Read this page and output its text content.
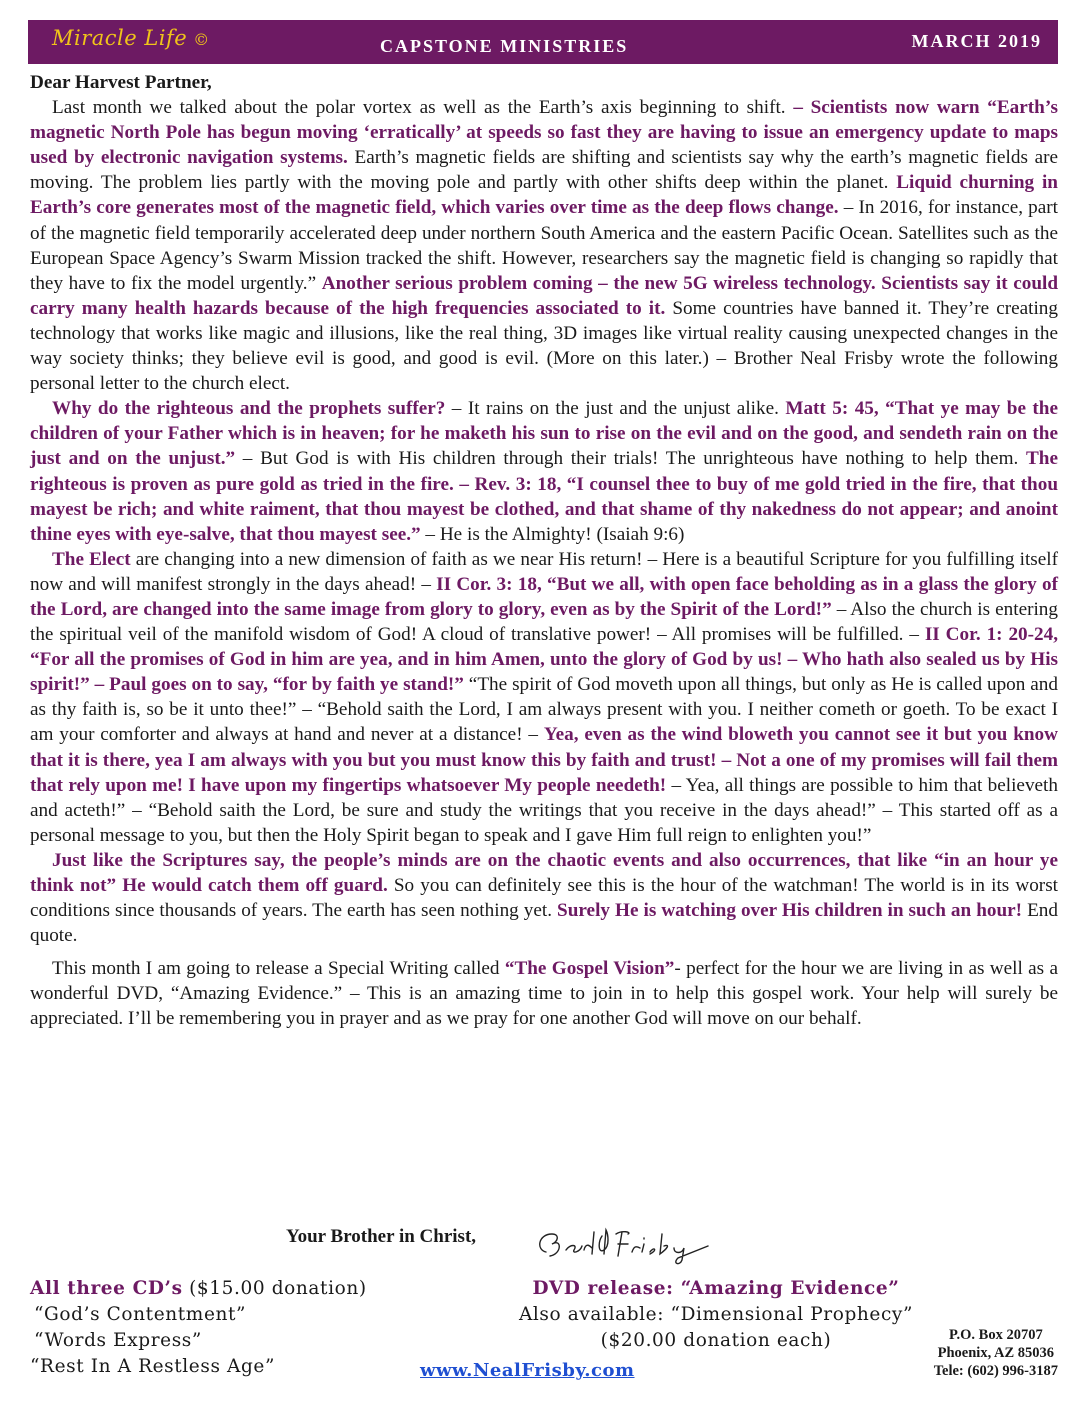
Miracle Life ©	CAPSTONE MINISTRIES	MARCH 2019

Dear Harvest Partner,

Last month we talked about the polar vortex as well as the Earth’s axis beginning to shift. – Scientists now warn “Earth’s magnetic North Pole has begun moving ‘erratically’ at speeds so fast they are having to issue an emergency update to maps used by electronic navigation systems. Earth’s magnetic fields are shifting and scientists say why the earth’s magnetic fields are moving. The problem lies partly with the moving pole and partly with other shifts deep within the planet. Liquid churning in Earth’s core generates most of the magnetic field, which varies over time as the deep flows change. – In 2016, for instance, part of the magnetic field temporarily accelerated deep under northern South America and the eastern Pacific Ocean. Satellites such as the European Space Agency’s Swarm Mission tracked the shift. However, researchers say the magnetic field is changing so rapidly that they have to fix the model urgently.” Another serious problem coming – the new 5G wireless technology. Scientists say it could carry many health hazards because of the high frequencies associated to it. Some countries have banned it. They’re creating technology that works like magic and illusions, like the real thing, 3D images like virtual reality causing unexpected changes in the way society thinks; they believe evil is good, and good is evil. (More on this later.) – Brother Neal Frisby wrote the following personal letter to the church elect.

Why do the righteous and the prophets suffer? – It rains on the just and the unjust alike. Matt 5: 45, “That ye may be the children of your Father which is in heaven; for he maketh his sun to rise on the evil and on the good, and sendeth rain on the just and on the unjust.” – But God is with His children through their trials! The unrighteous have nothing to help them. The righteous is proven as pure gold as tried in the fire. – Rev. 3: 18, “I counsel thee to buy of me gold tried in the fire, that thou mayest be rich; and white raiment, that thou mayest be clothed, and that shame of thy nakedness do not appear; and anoint thine eyes with eye-salve, that thou mayest see.” – He is the Almighty! (Isaiah 9:6)

The Elect are changing into a new dimension of faith as we near His return! – Here is a beautiful Scripture for you fulfilling itself now and will manifest strongly in the days ahead! – II Cor. 3: 18, “But we all, with open face beholding as in a glass the glory of the Lord, are changed into the same image from glory to glory, even as by the Spirit of the Lord!” – Also the church is entering the spiritual veil of the manifold wisdom of God! A cloud of translative power! – All promises will be fulfilled. – II Cor. 1: 20-24, “For all the promises of God in him are yea, and in him Amen, unto the glory of God by us! – Who hath also sealed us by His spirit!” – Paul goes on to say, “for by faith ye stand!” “The spirit of God moveth upon all things, but only as He is called upon and as thy faith is, so be it unto thee!” – “Behold saith the Lord, I am always present with you. I neither cometh or goeth. To be exact I am your comforter and always at hand and never at a distance! – Yea, even as the wind bloweth you cannot see it but you know that it is there, yea I am always with you but you must know this by faith and trust! – Not a one of my promises will fail them that rely upon me! I have upon my fingertips whatsoever My people needeth! – Yea, all things are possible to him that believeth and acteth!” – “Behold saith the Lord, be sure and study the writings that you receive in the days ahead!” – This started off as a personal message to you, but then the Holy Spirit began to speak and I gave Him full reign to enlighten you!”

Just like the Scriptures say, the people’s minds are on the chaotic events and also occurrences, that like “in an hour ye think not” He would catch them off guard. So you can definitely see this is the hour of the watchman! The world is in its worst conditions since thousands of years. The earth has seen nothing yet. Surely He is watching over His children in such an hour! End quote.

This month I am going to release a Special Writing called “The Gospel Vision”- perfect for the hour we are living in as well as a wonderful DVD, “Amazing Evidence.” – This is an amazing time to join in to help this gospel work. Your help will surely be appreciated. I’ll be remembering you in prayer and as we pray for one another God will move on our behalf.

Your Brother in Christ,
All three CD’s ($15.00 donation)
“God’s Contentment”
“Words Express”
“Rest In A Restless Age”
DVD release: “Amazing Evidence”
Also available: “Dimensional Prophecy”
($20.00 donation each)
www.NealFrisby.com
P.O. Box 20707
Phoenix, AZ 85036
Tele: (602) 996-3187
